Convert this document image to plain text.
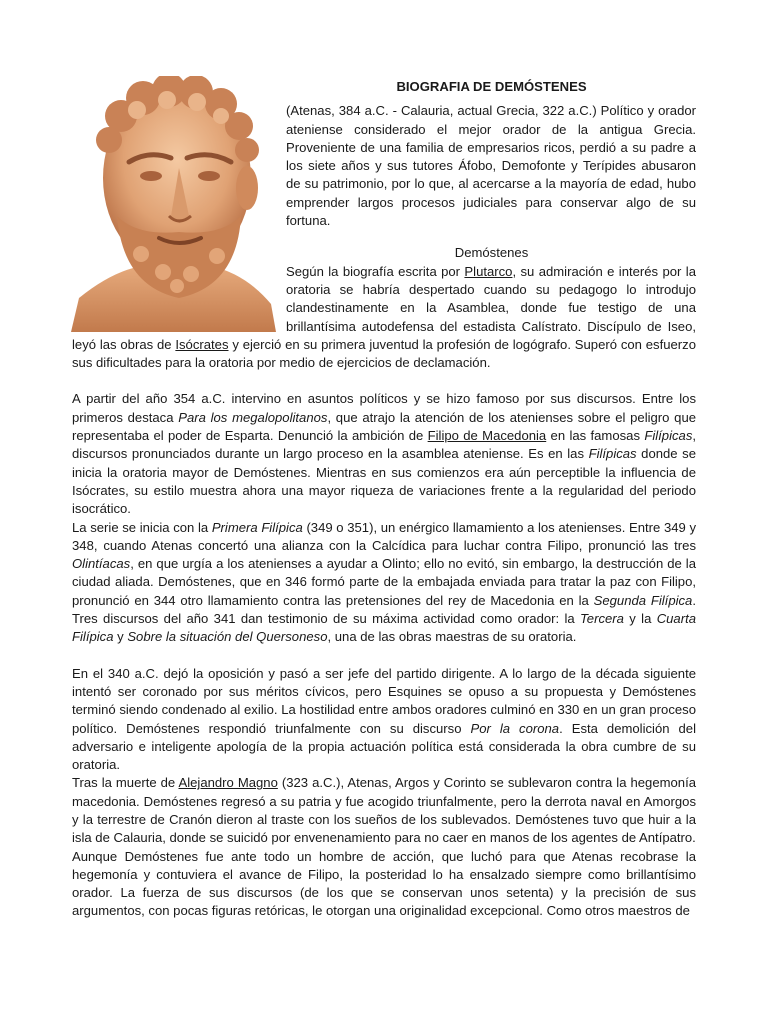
BIOGRAFIA DE DEMÓSTENES

(Atenas, 384 a.C. - Calauria, actual Grecia, 322 a.C.) Político y orador ateniense considerado el mejor orador de la antigua Grecia. Proveniente de una familia de empresarios ricos, perdió a su padre a los siete años y sus tutores Áfobo, Demofonte y Terípides abusaron de su patrimonio, por lo que, al acercarse a la mayoría de edad, hubo emprender largos procesos judiciales para conservar algo de su fortuna.

Demóstenes

Según la biografía escrita por Plutarco, su admiración e interés por la oratoria se habría despertado cuando su pedagogo lo introdujo clandestinamente en la Asamblea, donde fue testigo de una brillantísima autodefensa del estadista Calístrato. Discípulo de Iseo, leyó las obras de Isócrates y ejerció en su primera juventud la profesión de logógrafo. Superó con esfuerzo sus dificultades para la oratoria por medio de ejercicios de declamación.

A partir del año 354 a.C. intervino en asuntos políticos y se hizo famoso por sus discursos. Entre los primeros destaca Para los megalopolitanos, que atrajo la atención de los atenienses sobre el peligro que representaba el poder de Esparta. Denunció la ambición de Filipo de Macedonia en las famosas Filípicas, discursos pronunciados durante un largo proceso en la asamblea ateniense. Es en las Filípicas donde se inicia la oratoria mayor de Demóstenes. Mientras en sus comienzos era aún perceptible la influencia de Isócrates, su estilo muestra ahora una mayor riqueza de variaciones frente a la regularidad del periodo isocrático.

La serie se inicia con la Primera Filípica (349 o 351), un enérgico llamamiento a los atenienses. Entre 349 y 348, cuando Atenas concertó una alianza con la Calcídica para luchar contra Filipo, pronunció las tres Olintíacas, en que urgía a los atenienses a ayudar a Olinto; ello no evitó, sin embargo, la destrucción de la ciudad aliada. Demóstenes, que en 346 formó parte de la embajada enviada para tratar la paz con Filipo, pronunció en 344 otro llamamiento contra las pretensiones del rey de Macedonia en la Segunda Filípica. Tres discursos del año 341 dan testimonio de su máxima actividad como orador: la Tercera y la Cuarta Filípica y Sobre la situación del Quersoneso, una de las obras maestras de su oratoria.

En el 340 a.C. dejó la oposición y pasó a ser jefe del partido dirigente. A lo largo de la década siguiente intentó ser coronado por sus méritos cívicos, pero Esquines se opuso a su propuesta y Demóstenes terminó siendo condenado al exilio. La hostilidad entre ambos oradores culminó en 330 en un gran proceso político. Demóstenes respondió triunfalmente con su discurso Por la corona. Esta demolición del adversario e inteligente apología de la propia actuación política está considerada la obra cumbre de su oratoria.

Tras la muerte de Alejandro Magno (323 a.C.), Atenas, Argos y Corinto se sublevaron contra la hegemonía macedonia. Demóstenes regresó a su patria y fue acogido triunfalmente, pero la derrota naval en Amorgos y la terrestre de Cranón dieron al traste con los sueños de los sublevados. Demóstenes tuvo que huir a la isla de Calauria, donde se suicidó por envenenamiento para no caer en manos de los agentes de Antípatro.

Aunque Demóstenes fue ante todo un hombre de acción, que luchó para que Atenas recobrase la hegemonía y contuviera el avance de Filipo, la posteridad lo ha ensalzado siempre como brillantísimo orador. La fuerza de sus discursos (de los que se conservan unos setenta) y la precisión de sus argumentos, con pocas figuras retóricas, le otorgan una originalidad excepcional. Como otros maestros de
